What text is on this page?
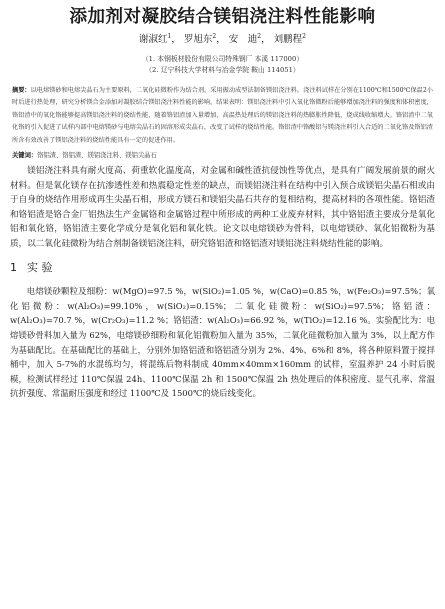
添加剂对凝胶结合镁铝浇注料性能影响
谢淑红$^1$， 罗旭东$^2$， 安　迪$^2$， 刘鹏程$^2$
（1. 本钢板材股份有限公司特殊钢厂 本溪 117000）
（2. 辽宁科技大学材料与冶金学院 鞍山 114051）
摘要：以电熔镁砂和电熔尖晶石为主要原料，二氧化硅微粉作为结合剂，采用振动成型法制备镁铝浇注料。浇注料试样在分别在1100℃和1500℃保温2小时后进行热处理，研究分析镁合金添加对凝胶结合镁铝浇注料性能的影响。结果表明：镁铝浇注料中引入氧化铬微粉后能够增加浇注料的强度和体积密度，铬铝渣中的氧化铬能够提高镁铝浇注料的烧结性能，随着铬铝渣加入量增加，高温热处理后的镁铝浇注料的热膨胀性降低，烧成线收缩增大。铬铝渣中二氧化铬的引入促进了试样内部中电熔镁砂与电熔尖晶石的固溶形成尖晶石，改变了试样的烧结性能。铬铝渣中铬酸铝与镁浇注料引入合适的二氧化铬及铬铝渣所含有效改善了镁铝浇注料的烧结性能具有一定的促进作用。
关键词：铬铝渣、铬铝渣、镁铝浇注料、镁铝尖晶石

镁铝浇注料具有耐火度高、荷重软化温度高，对金属和碱性渣抗侵蚀性等优点，是具有广阔发展前景的耐火材料。但是氧化镁存在抗渗透性差和热震稳定性差的缺点，而镁铝浇注料在结构中引入预合成镁铝尖晶石相或由于自身的烧结作用形成再生尖晶石相，形成方镁石和镁铝尖晶石共存的复相结构，提高材料的各项性能。铬铝渣和铬铝渣是铬合金厂铝热法生产金属铬和金属铬过程中所形成的两种工业废弃材料，其中铬铝渣主要成分是氧化铝和氧化铬，铬铝渣主要化学成分是氧化铝和氧化铁。论文以电熔镁砂为骨料，以电熔镁砂、氧化铝微粉为基质，以二氧化硅微粉为结合剂制备镁铝浇注料，研究铬铝渣和铬铝渣对镁铝浇注料烧结性能的影响。

1 实 验

电熔镁砂颗粒及细粉：w(MgO)=97.5 %，w(SiO₂)=1.05 %，w(CaO)=0.85 %，w(Fe₂O₃)=97.5%；氧化铝微粉：w(Al₂O₃)=99.10%，w(SiO₂)=0.15%；二氧化硅微粉：w(SiO₂)=97.5%；铬铝渣：w(Al₂O₃)=70.7 %，w(Cr₂O₃)=11.2 %；铬铝渣：w(Al₂O₃)=66.92 %，w(TiO₂)=12.16 %。实验配比为：电熔镁砂骨料加入量为 62%，电熔镁砂细粉和氧化铝微粉加入量为 35%，二氧化硅微粉加入量为 3%，以上配方作为基础配比。在基础配比的基础上，分别外加铬铝渣和铬铝渣分别为 2%、4%、6%和 8%，将各种原料置于搅拌桶中，加入 5-7%的水混练均匀，将混练后物料制成 40mm×40mm×160mm 的试样，室温养护 24 小时后脱模，检测试样经过 110℃保温 24h、1100℃保温 2h 和 1500℃保温 2h 热处理后的体积密度、显气孔率、常温抗折强度、常温耐压强度和经过 1100℃及 1500℃的烧后线变化。
